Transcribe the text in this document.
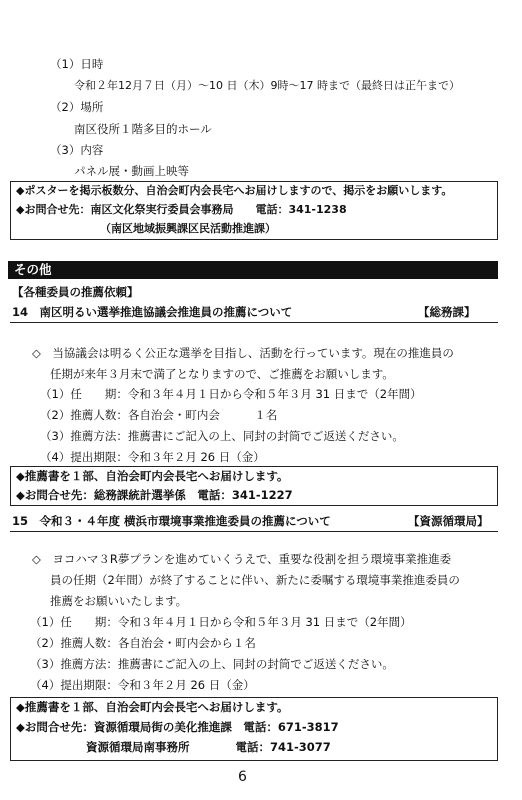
（1）日時
令和２年12月７日（月）～10 日（木）9時～17 時まで（最終日は正午まで）
（2）場所
南区役所１階多目的ホール
（3）内容
パネル展・動画上映等
◆ポスターを掲示板数分、自治会町内会長宅へお届けしますので、掲示をお願いします。
◆お問合せ先：南区文化祭実行委員会事務局　　電話：341-1238
（南区地域振興課区民活動推進課）
その他
【各種委員の推薦依頼】
14　南区明るい選挙推進協議会推進員の推薦について	【総務課】
◇　当協議会は明るく公正な選挙を目指し、活動を行っています。現在の推進員の
任期が来年３月末で満了となりますので、ご推薦をお願いします。
（1）任　　期：令和３年４月１日から令和５年３月 31 日まで（2年間）
（2）推薦人数：各自治会・町内会　　　１名
（3）推薦方法：推薦書にご記入の上、同封の封筒でご返送ください。
（4）提出期限：令和３年２月 26 日（金）
◆推薦書を１部、自治会町内会長宅へお届けします。
◆お問合せ先：総務課統計選挙係　電話：341-1227
15　令和３・４年度 横浜市環境事業推進委員の推薦について	【資源循環局】
◇　ヨコハマ３R夢プランを進めていくうえで、重要な役割を担う環境事業推進委
員の任期（2年間）が終了することに伴い、新たに委嘱する環境事業推進委員の
推薦をお願いいたします。
（1）任　　期：令和３年４月１日から令和５年３月 31 日まで（2年間）
（2）推薦人数：各自治会・町内会から１名
（3）推薦方法：推薦書にご記入の上、同封の封筒でご返送ください。
（4）提出期限：令和３年２月 26 日（金）
◆推薦書を１部、自治会町内会長宅へお届けします。
◆お問合せ先：資源循環局街の美化推進課　電話：671-3817
資源循環局南事務所　　　　電話：741-3077
6
